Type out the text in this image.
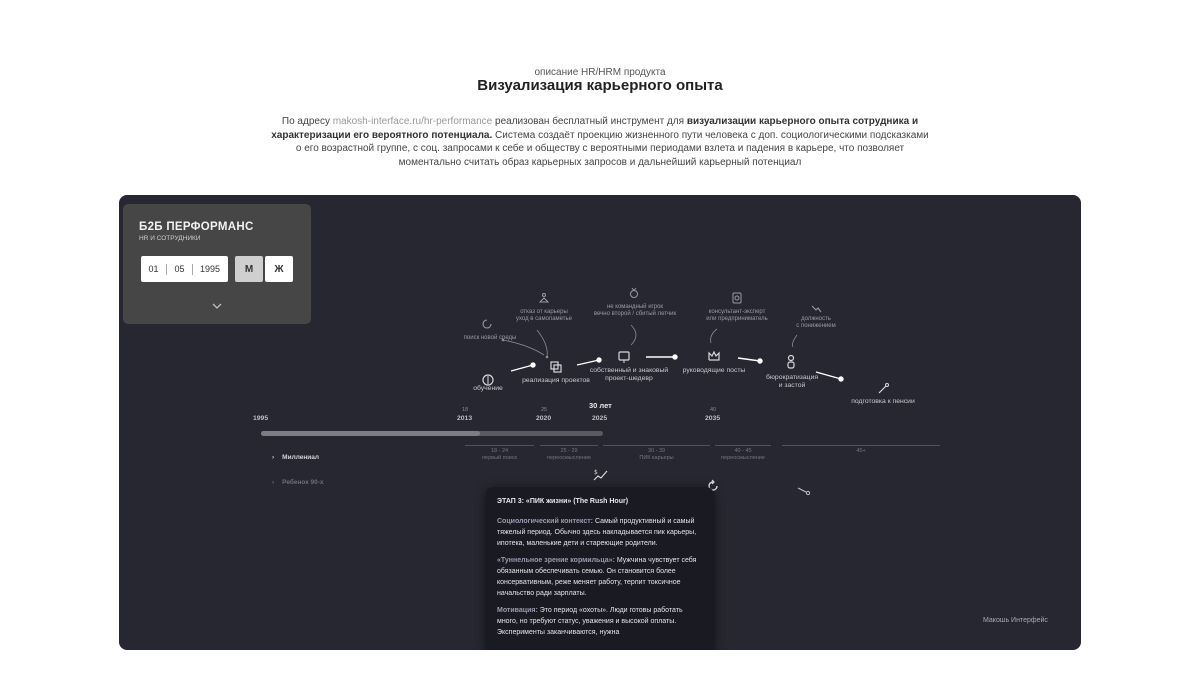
описание HR/HRM продукта
Визуализация карьерного опыта
По адресу makosh-interface.ru/hr-performance реализован бесплатный инструмент для визуализации карьерного опыта сотрудника и характеризации его вероятного потенциала. Система создаёт проекцию жизненного пути человека с доп. социологическими подсказками о его возрастной группе, с соц. запросами к себе и обществу с вероятными периодами взлета и падения в карьере, что позволяет моментально считать образ карьерных запросов и дальнейший карьерный потенциал
Б2Б ПЕРФОРМАНС
HR И СОТРУДНИКИ
01	05	1995	М	Ж
обучение
реализация проектов
собственный и знаковый
проект-шедевр
руководящие посты
бюрократизация
и застой
подготовка к пенсии
поиск новой среды
отказ от карьеры
уход в самопаметье
не командный игрок
вечно второй / сбитый летчик	консультант-эксперт
или предприниматель	должность
с понижением
1995
18
2013
25
2020
30 лет
2025
40
2035
18 - 24
первый поиск
25 - 29
переосмысление
30 - 39
ПИК карьеры
40 - 45
переосмысление
45+
› Миллениал
› Ребенок 90-х
$
ЭТАП 3: «ПИК жизни» (The Rush Hour)
Социологический контекст: Самый продуктивный и самый тяжелый период. Обычно здесь накладывается пик карьеры, ипотека, маленькие дети и стареющие родители.
«Туннельное зрение кормильца»: Мужчина чувствует себя обязанным обеспечивать семью. Он становится более консервативным, реже меняет работу, терпит токсичное начальство ради зарплаты.
Мотивация: Это период «охоты». Люди готовы работать много, но требуют статус, уважения и высокой оплаты. Эксперименты заканчиваются, нужна
Макошь Интерфейс
